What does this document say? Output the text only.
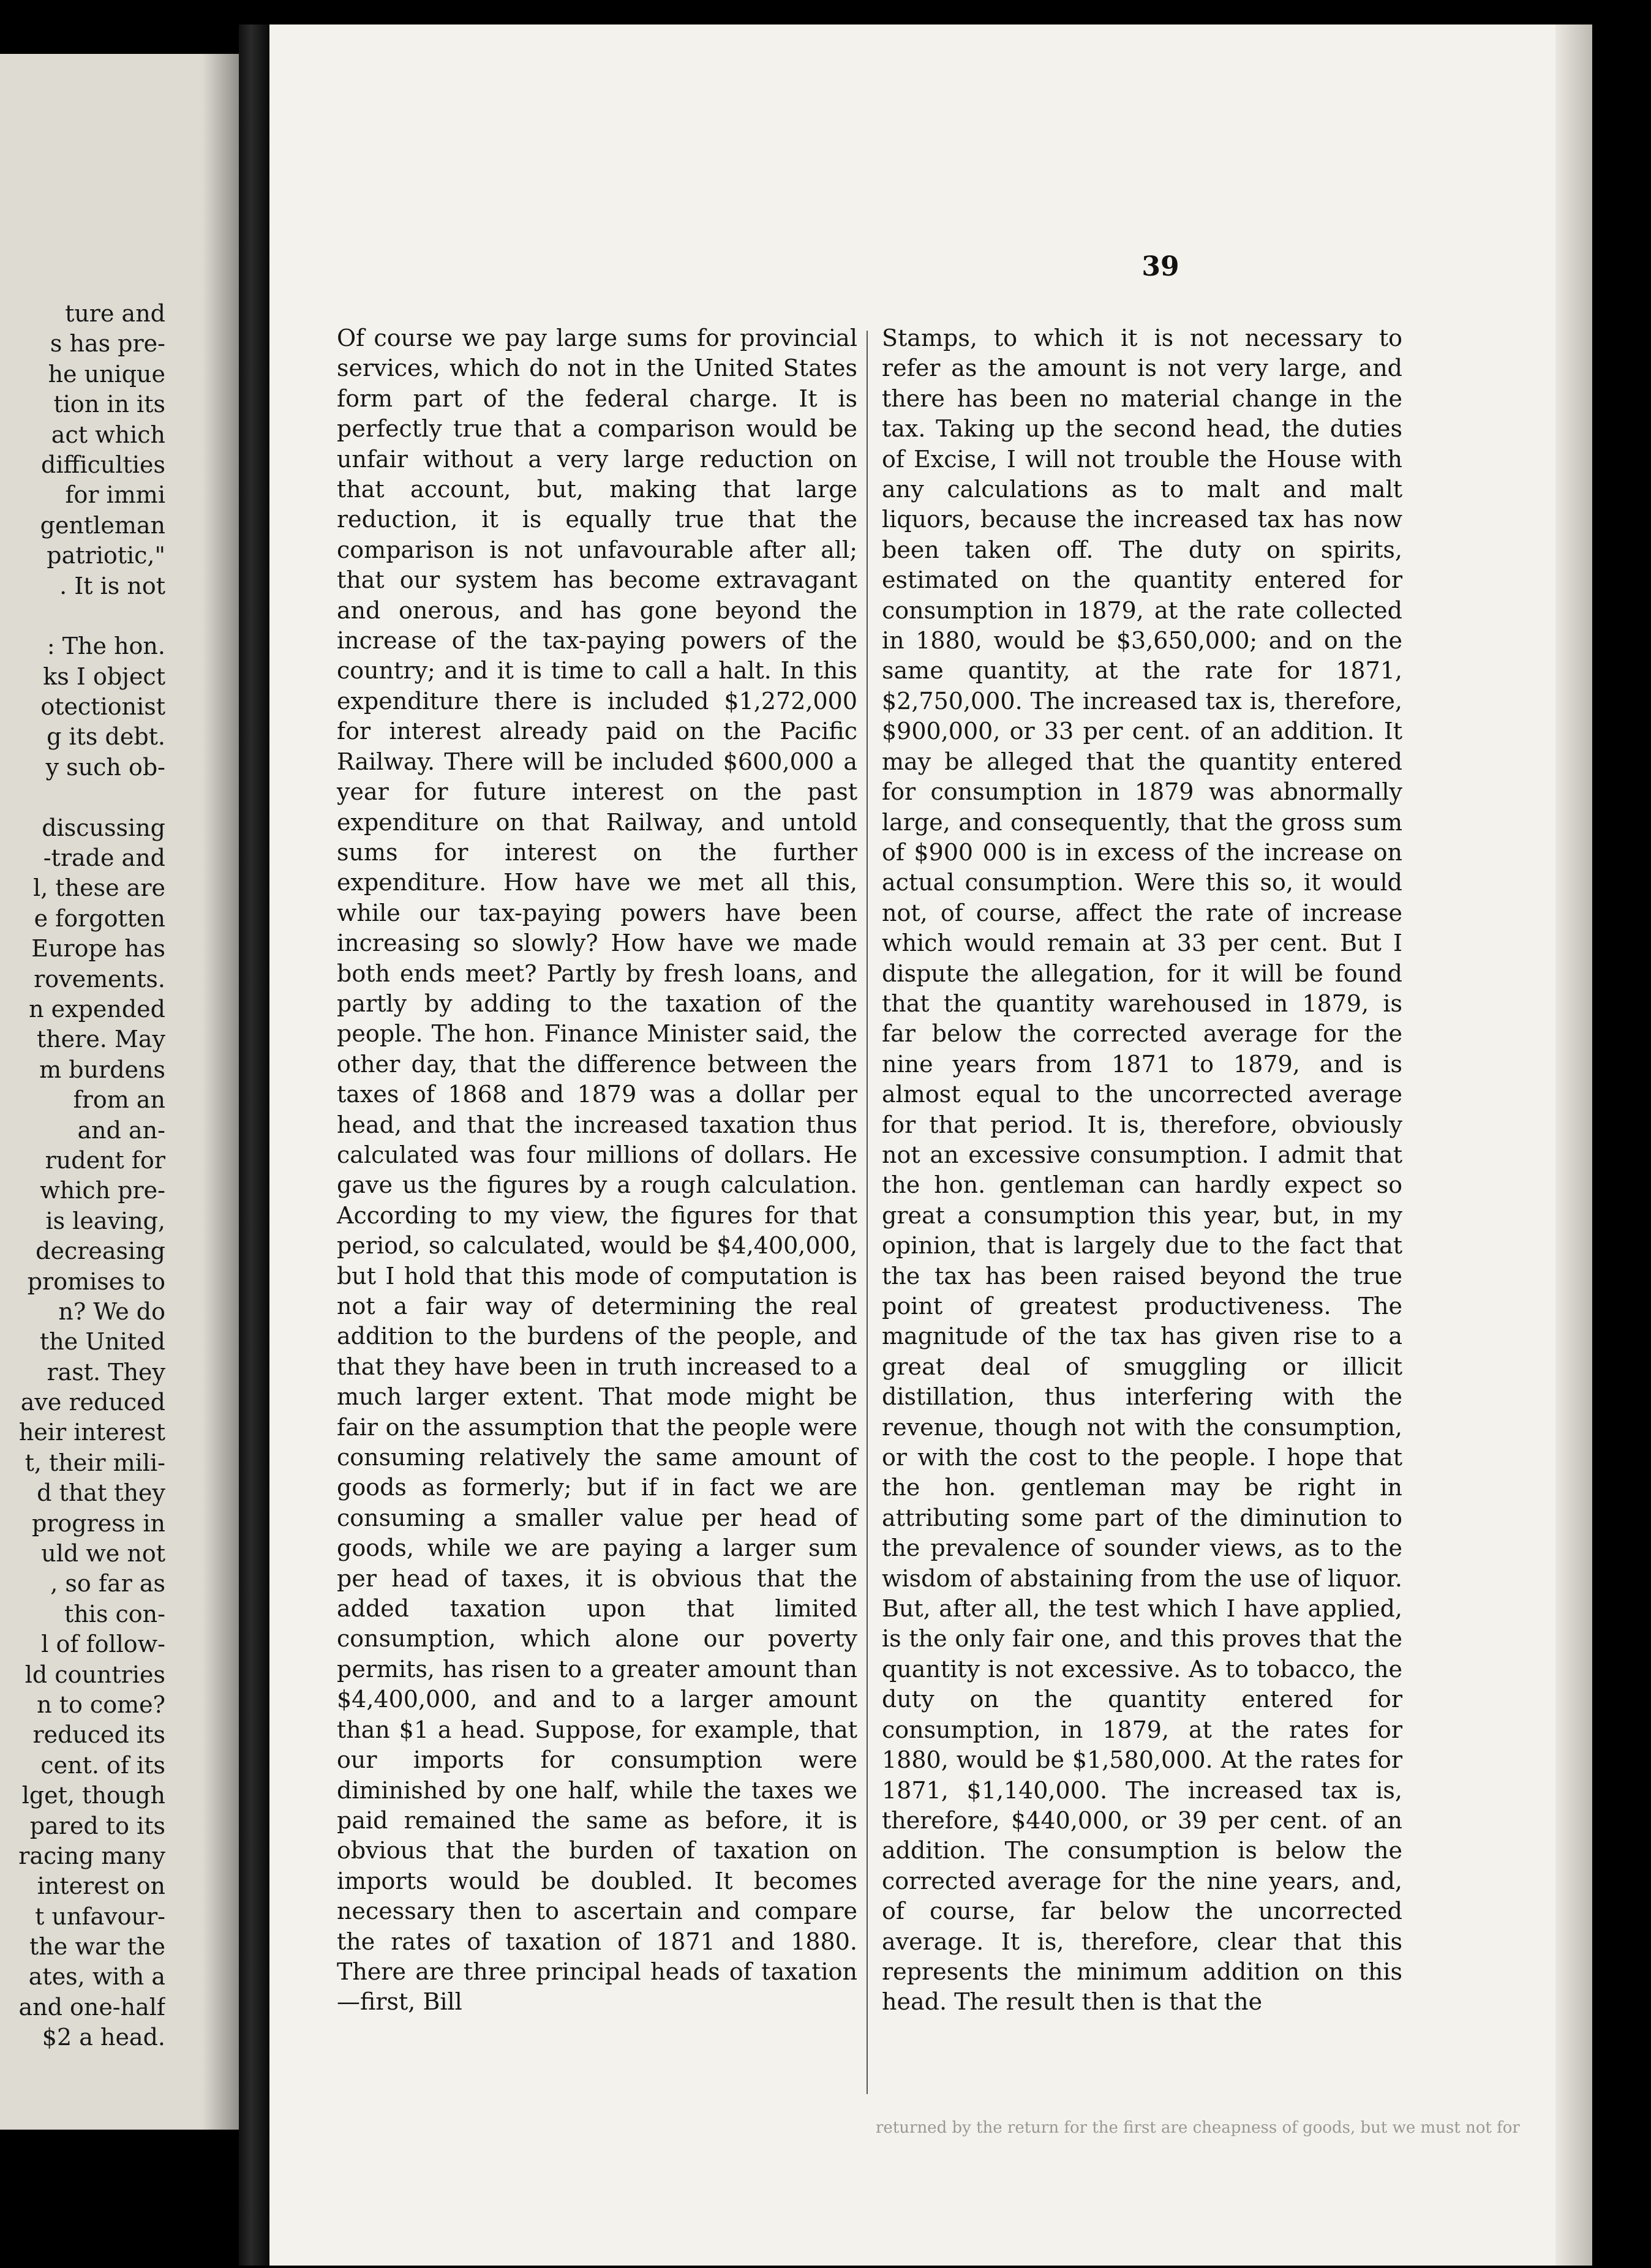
ture and
s has pre-
he unique
tion in its
act which
difficulties
for immi
gentleman
patriotic,"
. It is not
: The hon.
ks I object
otectionist
g its debt.
y such ob-
discussing
-trade and
l, these are
e forgotten
Europe has
rovements.
n expended
there. May
m burdens
from an
and an-
rudent for
which pre-
is leaving,
decreasing
promises to
n? We do
the United
rast. They
ave reduced
heir interest
t, their mili-
d that they
progress in
uld we not
, so far as
this con-
l of follow-
ld countries
n to come?
reduced its
cent. of its
lget, though
pared to its
racing many
interest on
t unfavour-
the war the
ates, with a
and one-half
$2 a head.
39
Of course we pay large sums for provincial services, which do not in the United States form part of the federal charge. It is perfectly true that a comparison would be unfair without a very large reduction on that account, but, making that large reduction, it is equally true that the comparison is not unfavourable after all; that our system has become extravagant and onerous, and has gone beyond the increase of the tax-paying powers of the country; and it is time to call a halt. In this expenditure there is included $1,272,000 for interest already paid on the Pacific Railway. There will be included $600,000 a year for future interest on the past expenditure on that Railway, and untold sums for interest on the further expenditure. How have we met all this, while our tax-paying powers have been increasing so slowly? How have we made both ends meet? Partly by fresh loans, and partly by adding to the taxation of the people. The hon. Finance Minister said, the other day, that the difference between the taxes of 1868 and 1879 was a dollar per head, and that the increased taxation thus calculated was four millions of dollars. He gave us the figures by a rough calculation. According to my view, the figures for that period, so calculated, would be $4,400,000, but I hold that this mode of computation is not a fair way of determining the real addition to the burdens of the people, and that they have been in truth increased to a much larger extent. That mode might be fair on the assumption that the people were consuming relatively the same amount of goods as formerly; but if in fact we are consuming a smaller value per head of goods, while we are paying a larger sum per head of taxes, it is obvious that the added taxation upon that limited consumption, which alone our poverty permits, has risen to a greater amount than $4,400,000, and and to a larger amount than $1 a head. Suppose, for example, that our imports for consumption were diminished by one half, while the taxes we paid remained the same as before, it is obvious that the burden of taxation on imports would be doubled. It becomes necessary then to ascertain and compare the rates of taxation of 1871 and 1880. There are three principal heads of taxation—first, Bill
Stamps, to which it is not necessary to refer as the amount is not very large, and there has been no material change in the tax. Taking up the second head, the duties of Excise, I will not trouble the House with any calculations as to malt and malt liquors, because the increased tax has now been taken off. The duty on spirits, estimated on the quantity entered for consumption in 1879, at the rate collected in 1880, would be $3,650,000; and on the same quantity, at the rate for 1871, $2,750,000. The increased tax is, therefore, $900,000, or 33 per cent. of an addition. It may be alleged that the quantity entered for consumption in 1879 was abnormally large, and consequently, that the gross sum of $900 000 is in excess of the increase on actual consumption. Were this so, it would not, of course, affect the rate of increase which would remain at 33 per cent. But I dispute the allegation, for it will be found that the quantity warehoused in 1879, is far below the corrected average for the nine years from 1871 to 1879, and is almost equal to the uncorrected average for that period. It is, therefore, obviously not an excessive consumption. I admit that the hon. gentleman can hardly expect so great a consumption this year, but, in my opinion, that is largely due to the fact that the tax has been raised beyond the true point of greatest productiveness. The magnitude of the tax has given rise to a great deal of smuggling or illicit distillation, thus interfering with the revenue, though not with the consumption, or with the cost to the people. I hope that the hon. gentleman may be right in attributing some part of the diminution to the prevalence of sounder views, as to the wisdom of abstaining from the use of liquor. But, after all, the test which I have applied, is the only fair one, and this proves that the quantity is not excessive. As to tobacco, the duty on the quantity entered for consumption, in 1879, at the rates for 1880, would be $1,580,000. At the rates for 1871, $1,140,000. The increased tax is, therefore, $440,000, or 39 per cent. of an addition. The consumption is below the corrected average for the nine years, and, of course, far below the uncorrected average. It is, therefore, clear that this represents the minimum addition on this head. The result then is that the
returned by the return for the first are cheapness of goods, but we must not for
